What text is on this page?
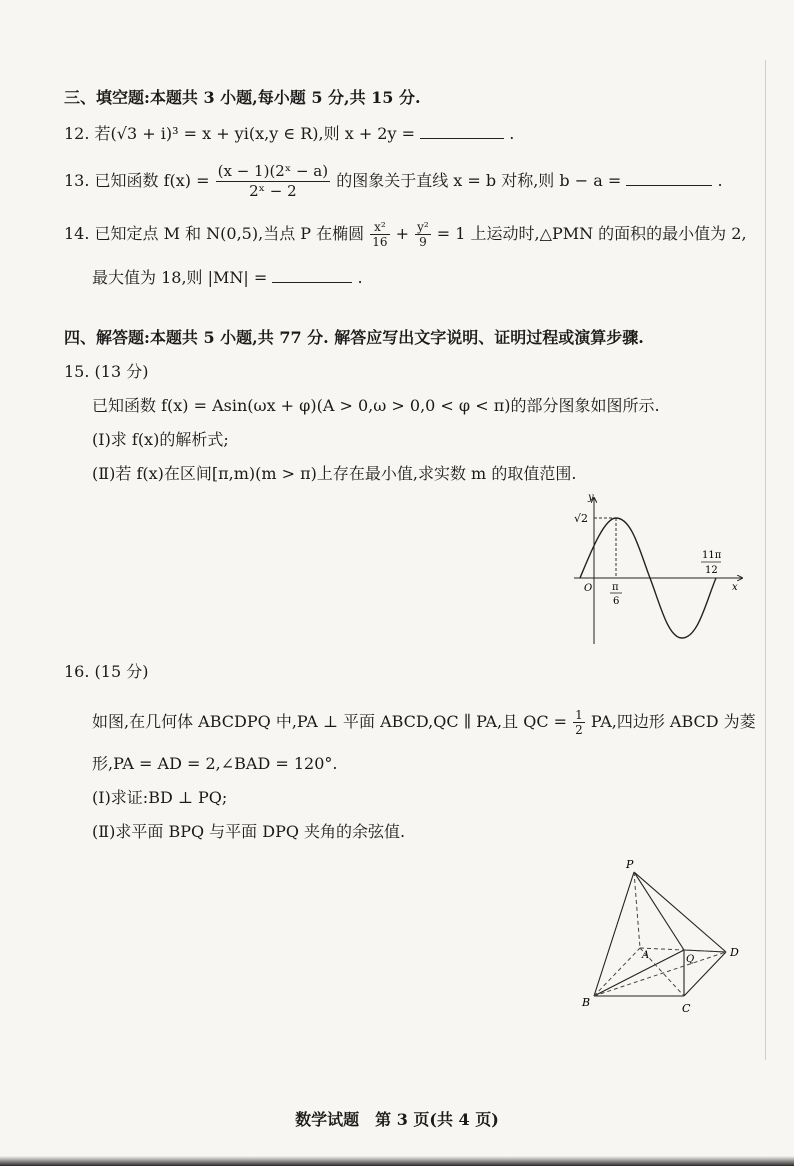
三、填空题:本题共 3 小题,每小题 5 分,共 15 分.
12. 若(√3 + i)³ = x + yi(x,y ∈ R),则 x + 2y =	.
13. 已知函数 $f(x) = \frac{\text{(x − 1)(2ˣ − a)}}{\text{2ˣ − 2}}$ 的图象关于直线 x = b 对称,则 b − a =	.
14. 已知定点 M 和 N(0,5),当点 P 在椭圆 $\frac{\text{x²}}{16} + \frac{\text{y²}}{9} = 1$ 上运动时,△PMN 的面积的最小值为 2,
最大值为 18,则 |MN| =	.
四、解答题:本题共 5 小题,共 77 分. 解答应写出文字说明、证明过程或演算步骤.
15. (13 分)
已知函数 f(x) = Asin(ωx + φ)(A > 0,ω > 0,0 < φ < π)的部分图象如图所示.
(Ⅰ)求 f(x)的解析式;
(Ⅱ)若 f(x)在区间[π,m)(m > π)上存在最小值,求实数 m 的取值范围.
y
x
O
√2
π
6
11π
12
16. (15 分)
如图,在几何体 ABCDPQ 中,PA ⊥ 平面 ABCD,QC ∥ PA,且 QC = $\frac{1}{2}$ PA,四边形 ABCD 为菱
形,PA = AD = 2,∠BAD = 120°.
(Ⅰ)求证:BD ⊥ PQ;
(Ⅱ)求平面 BPQ 与平面 DPQ 夹角的余弦值.
P
A	Q
D
B	C
数学试题　第 3 页(共 4 页)
